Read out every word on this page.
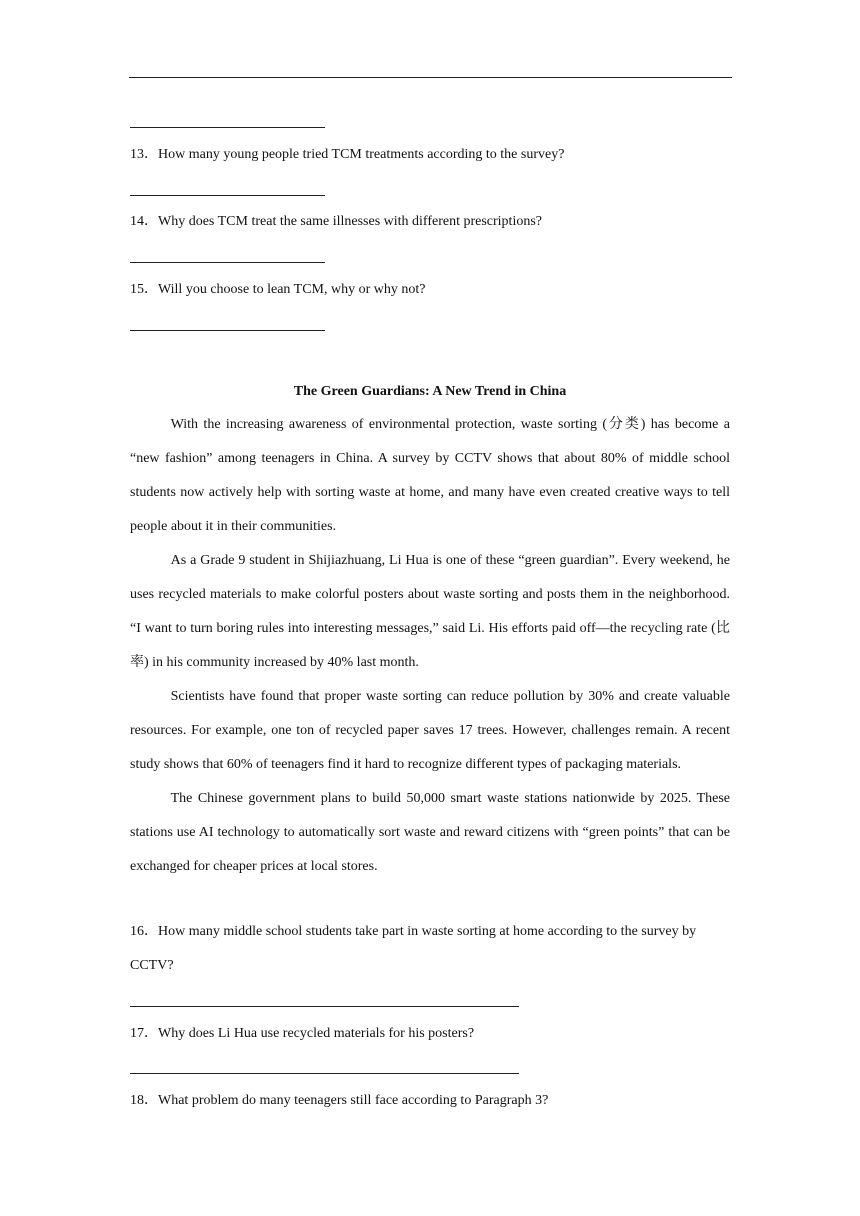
13．How many young people tried TCM treatments according to the survey?
14．Why does TCM treat the same illnesses with different prescriptions?
15．Will you choose to lean TCM, why or why not?
The Green Guardians: A New Trend in China

With the increasing awareness of environmental protection, waste sorting (分类) has become a “new fashion” among teenagers in China. A survey by CCTV shows that about 80% of middle school students now actively help with sorting waste at home, and many have even created creative ways to tell people about it in their communities.

As a Grade 9 student in Shijiazhuang, Li Hua is one of these “green guardian”. Every weekend, he uses recycled materials to make colorful posters about waste sorting and posts them in the neighborhood. “I want to turn boring rules into interesting messages,” said Li. His efforts paid off—the recycling rate (比率) in his community increased by 40% last month.

Scientists have found that proper waste sorting can reduce pollution by 30% and create valuable resources. For example, one ton of recycled paper saves 17 trees. However, challenges remain. A recent study shows that 60% of teenagers find it hard to recognize different types of packaging materials.

The Chinese government plans to build 50,000 smart waste stations nationwide by 2025. These stations use AI technology to automatically sort waste and reward citizens with “green points” that can be exchanged for cheaper prices at local stores.

16．How many middle school students take part in waste sorting at home according to the survey by CCTV?
17．Why does Li Hua use recycled materials for his posters?
18．What problem do many teenagers still face according to Paragraph 3?
